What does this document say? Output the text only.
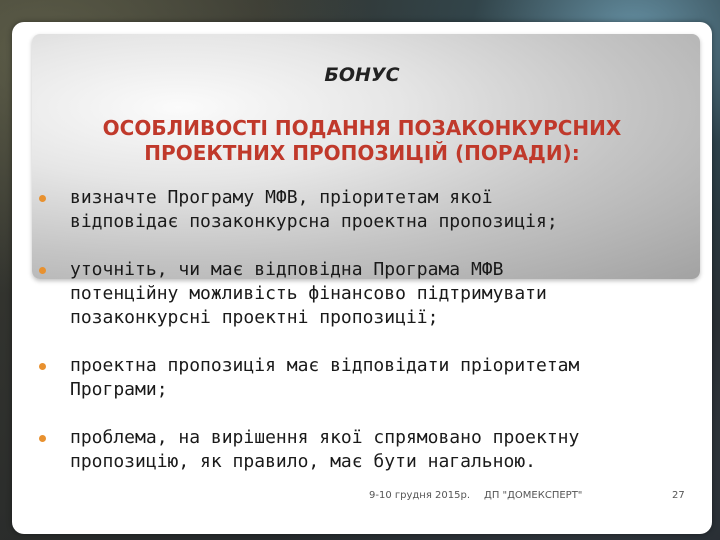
БОНУС
ОСОБЛИВОСТІ ПОДАННЯ ПОЗАКОНКУРСНИХ
ПРОЕКТНИХ ПРОПОЗИЦІЙ (ПОРАДИ):
визначте Програму МФВ, пріоритетам якої
відповідає позаконкурсна проектна пропозиція;
уточніть, чи має відповідна Програма МФВ
потенційну можливість фінансово підтримувати
позаконкурсні проектні пропозиції;
проектна пропозиція має відповідати пріоритетам
Програми;
проблема, на вирішення якої спрямовано проектну
пропозицію, як правило, має бути нагальною.
9-10 грудня 2015р. ДП "ДОМЕКСПЕРТ"	27
